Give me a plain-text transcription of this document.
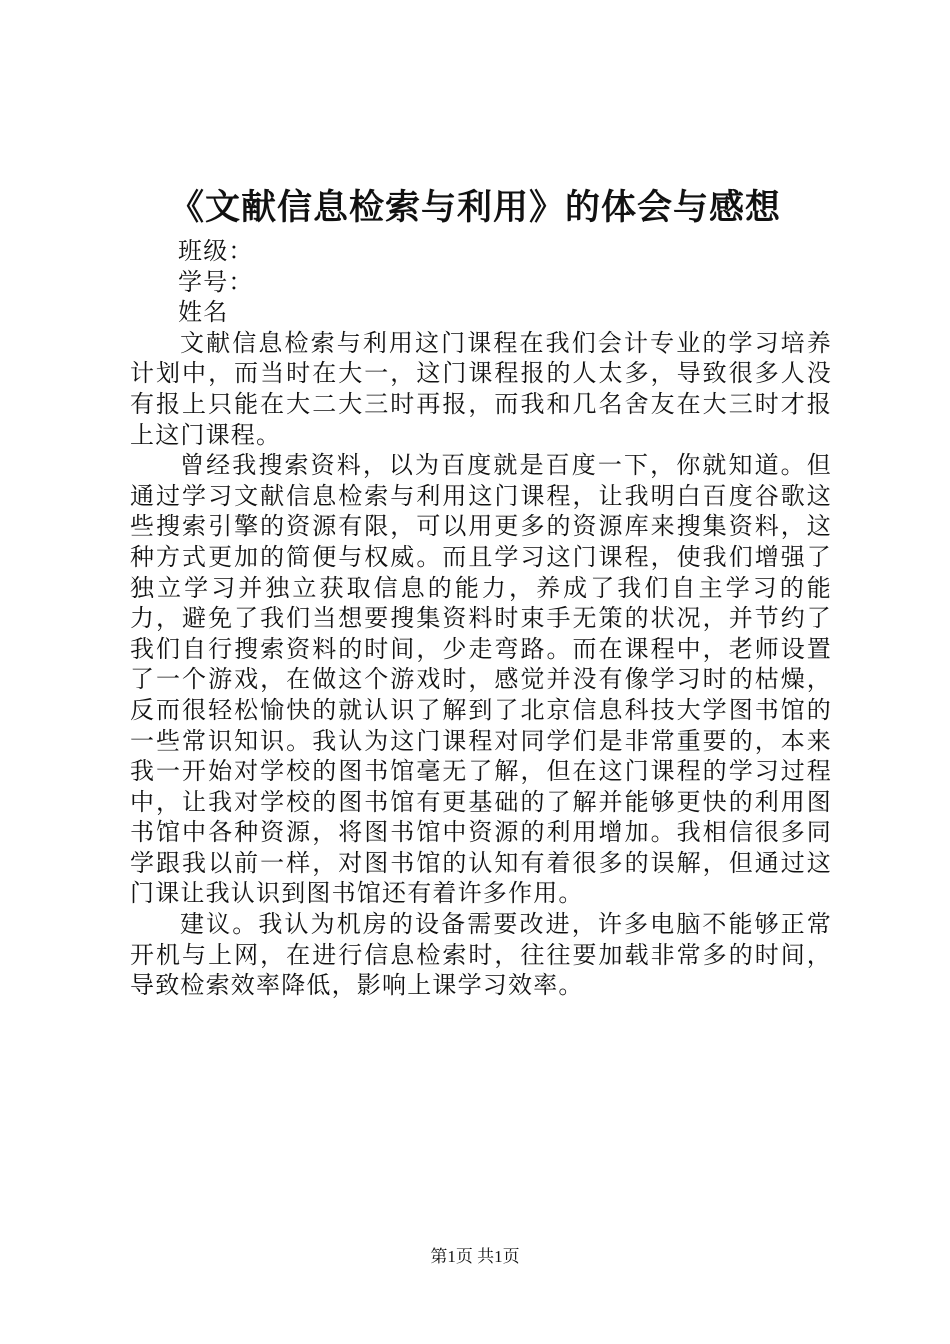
《文献信息检索与利用》的体会与感想

班级：

学号：

姓名

文献信息检索与利用这门课程在我们会计专业的学习培养计划中，而当时在大一，这门课程报的人太多，导致很多人没有报上只能在大二大三时再报，而我和几名舍友在大三时才报上这门课程。

曾经我搜索资料，以为百度就是百度一下，你就知道。但通过学习文献信息检索与利用这门课程，让我明白百度谷歌这些搜索引擎的资源有限，可以用更多的资源库来搜集资料，这种方式更加的简便与权威。而且学习这门课程，使我们增强了独立学习并独立获取信息的能力，养成了我们自主学习的能力，避免了我们当想要搜集资料时束手无策的状况，并节约了我们自行搜索资料的时间，少走弯路。而在课程中，老师设置了一个游戏，在做这个游戏时，感觉并没有像学习时的枯燥，反而很轻松愉快的就认识了解到了北京信息科技大学图书馆的一些常识知识。我认为这门课程对同学们是非常重要的，本来我一开始对学校的图书馆毫无了解，但在这门课程的学习过程中，让我对学校的图书馆有更基础的了解并能够更快的利用图书馆中各种资源，将图书馆中资源的利用增加。我相信很多同学跟我以前一样，对图书馆的认知有着很多的误解，但通过这门课让我认识到图书馆还有着许多作用。

建议。我认为机房的设备需要改进，许多电脑不能够正常开机与上网，在进行信息检索时，往往要加载非常多的时间，导致检索效率降低，影响上课学习效率。

第1页 共1页
